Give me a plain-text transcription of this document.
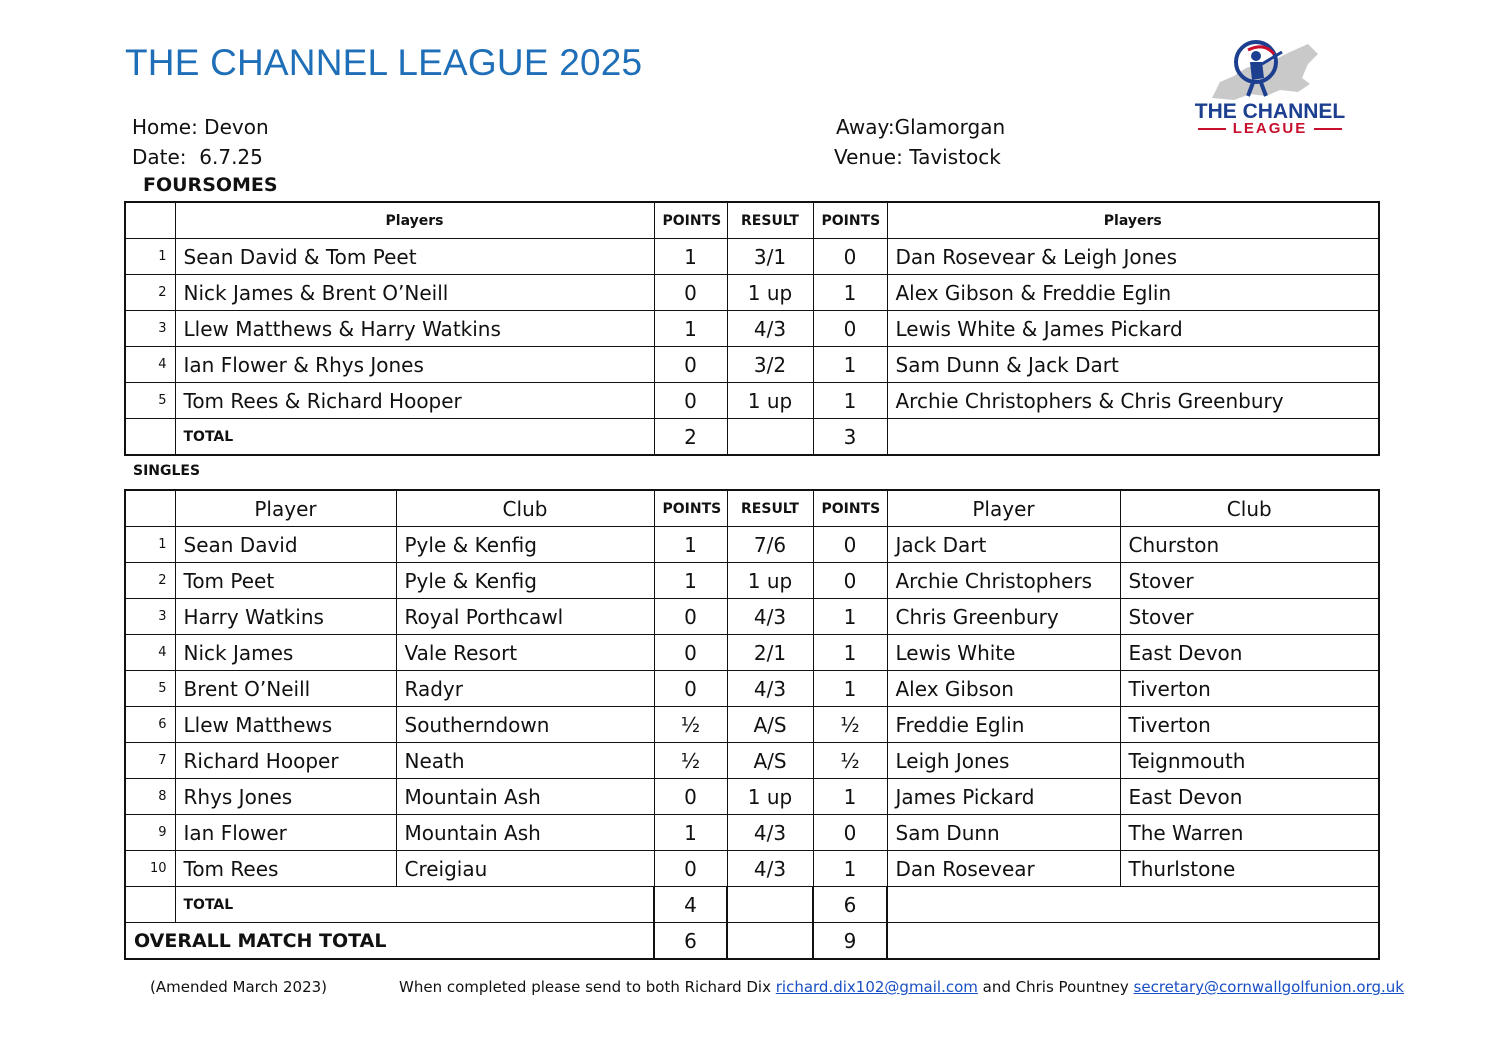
THE CHANNEL LEAGUE 2025
THE CHANNEL
LEAGUE
Home: Devon
Date: 6.7.25
Away:Glamorgan
Venue: Tavistock
FOURSOMES
	Players	POINTS	RESULT	POINTS	Players
1	Sean David & Tom Peet	1	3/1	0	Dan Rosevear & Leigh Jones
2	Nick James & Brent O’Neill	0	1 up	1	Alex Gibson & Freddie Eglin
3	Llew Matthews & Harry Watkins	1	4/3	0	Lewis White & James Pickard
4	Ian Flower & Rhys Jones	0	3/2	1	Sam Dunn & Jack Dart
5	Tom Rees & Richard Hooper	0	1 up	1	Archie Christophers & Chris Greenbury
	TOTAL	2		3	
SINGLES
	Player	Club	POINTS	RESULT	POINTS	Player	Club
1	Sean David	Pyle & Kenfig	1	7/6	0	Jack Dart	Churston
2	Tom Peet	Pyle & Kenfig	1	1 up	0	Archie Christophers	Stover
3	Harry Watkins	Royal Porthcawl	0	4/3	1	Chris Greenbury	Stover
4	Nick James	Vale Resort	0	2/1	1	Lewis White	East Devon
5	Brent O’Neill	Radyr	0	4/3	1	Alex Gibson	Tiverton
6	Llew Matthews	Southerndown	½	A/S	½	Freddie Eglin	Tiverton
7	Richard Hooper	Neath	½	A/S	½	Leigh Jones	Teignmouth
8	Rhys Jones	Mountain Ash	0	1 up	1	James Pickard	East Devon
9	Ian Flower	Mountain Ash	1	4/3	0	Sam Dunn	The Warren
10	Tom Rees	Creigiau	0	4/3	1	Dan Rosevear	Thurlstone
	TOTAL		4		6		
OVERALL MATCH TOTAL			6		9		
(Amended March 2023)	When completed please send to both Richard Dix richard.dix102@gmail.com and Chris Pountney secretary@cornwallgolfunion.org.uk
